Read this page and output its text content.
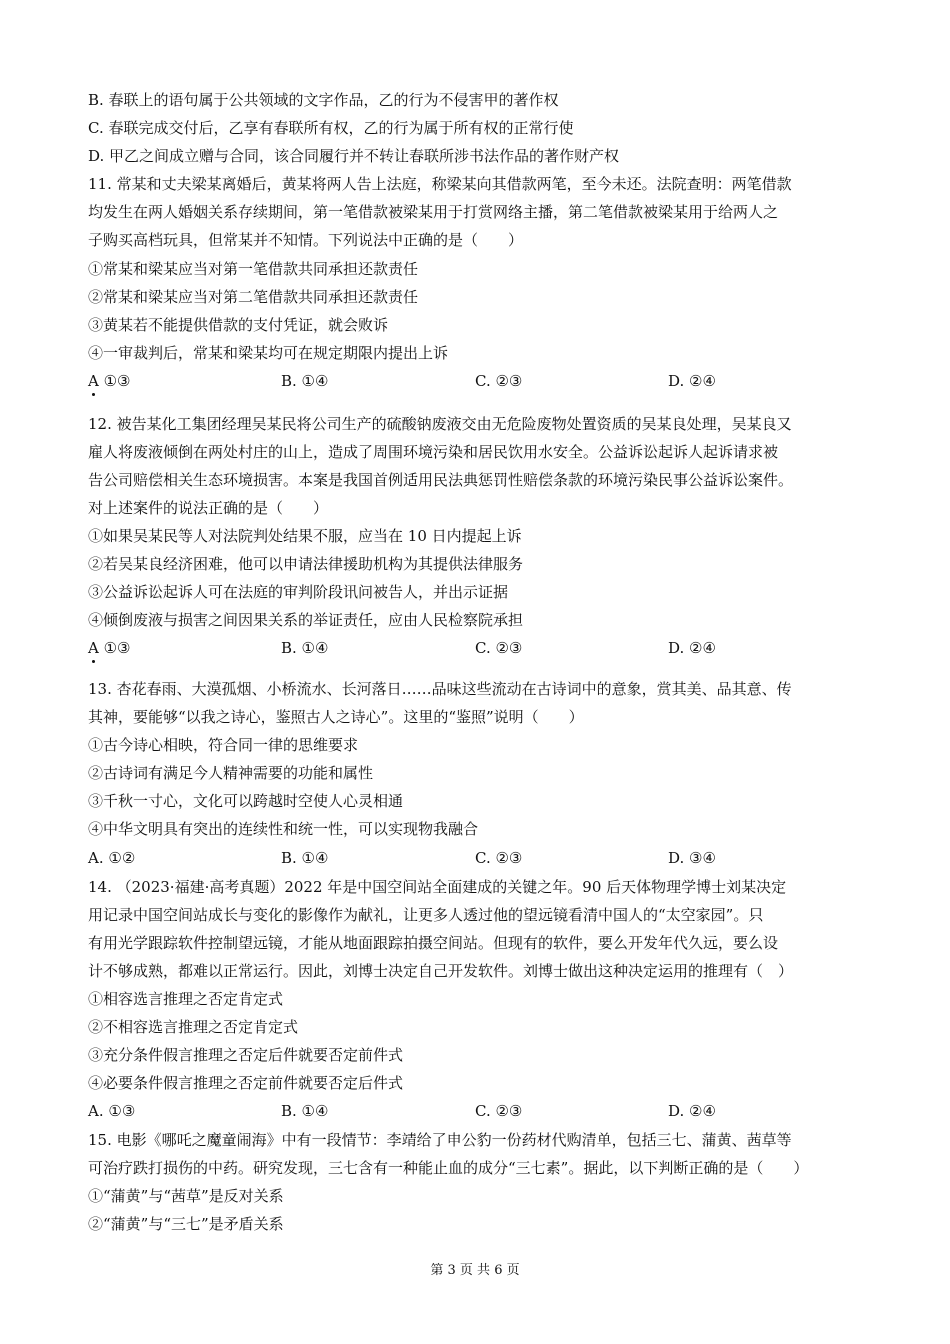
B. 春联上的语句属于公共领域的文字作品，乙的行为不侵害甲的著作权
C. 春联完成交付后，乙享有春联所有权，乙的行为属于所有权的正常行使
D. 甲乙之间成立赠与合同，该合同履行并不转让春联所涉书法作品的著作财产权
11. 常某和丈夫梁某离婚后，黄某将两人告上法庭，称梁某向其借款两笔，至今未还。法院查明：两笔借款
均发生在两人婚姻关系存续期间，第一笔借款被梁某用于打赏网络主播，第二笔借款被梁某用于给两人之
子购买高档玩具，但常某并不知情。下列说法中正确的是（　　）
①常某和梁某应当对第一笔借款共同承担还款责任
②常某和梁某应当对第二笔借款共同承担还款责任
③黄某若不能提供借款的支付凭证，就会败诉
④一审裁判后，常某和梁某均可在规定期限内提出上诉
A ①③	B. ①④	C. ②③	D. ②④
12. 被告某化工集团经理吴某民将公司生产的硫酸钠废液交由无危险废物处置资质的吴某良处理，吴某良又
雇人将废液倾倒在两处村庄的山上，造成了周围环境污染和居民饮用水安全。公益诉讼起诉人起诉请求被
告公司赔偿相关生态环境损害。本案是我国首例适用民法典惩罚性赔偿条款的环境污染民事公益诉讼案件。
对上述案件的说法正确的是（　　）
①如果吴某民等人对法院判处结果不服，应当在 10 日内提起上诉
②若吴某良经济困难，他可以申请法律援助机构为其提供法律服务
③公益诉讼起诉人可在法庭的审判阶段讯问被告人，并出示证据
④倾倒废液与损害之间因果关系的举证责任，应由人民检察院承担
A ①③	B. ①④	C. ②③	D. ②④
13. 杏花春雨、大漠孤烟、小桥流水、长河落日……品味这些流动在古诗词中的意象，赏其美、品其意、传
其神，要能够“以我之诗心，鉴照古人之诗心”。这里的“鉴照”说明（　　）
①古今诗心相映，符合同一律的思维要求
②古诗词有满足今人精神需要的功能和属性
③千秋一寸心，文化可以跨越时空使人心灵相通
④中华文明具有突出的连续性和统一性，可以实现物我融合
A. ①②	B. ①④	C. ②③	D. ③④
14. （2023·福建·高考真题）2022 年是中国空间站全面建成的关键之年。90 后天体物理学博士刘某决定
用记录中国空间站成长与变化的影像作为献礼，让更多人透过他的望远镜看清中国人的“太空家园”。只
有用光学跟踪软件控制望远镜，才能从地面跟踪拍摄空间站。但现有的软件，要么开发年代久远，要么设
计不够成熟，都难以正常运行。因此，刘博士决定自己开发软件。刘博士做出这种决定运用的推理有（　）
①相容选言推理之否定肯定式
②不相容选言推理之否定肯定式
③充分条件假言推理之否定后件就要否定前件式
④必要条件假言推理之否定前件就要否定后件式
A. ①③	B. ①④	C. ②③	D. ②④
15. 电影《哪吒之魔童闹海》中有一段情节：李靖给了申公豹一份药材代购清单，包括三七、蒲黄、茜草等
可治疗跌打损伤的中药。研究发现，三七含有一种能止血的成分“三七素”。据此，以下判断正确的是（　　）
①“蒲黄”与“茜草”是反对关系
②“蒲黄”与“三七”是矛盾关系
第 3 页 共 6 页
